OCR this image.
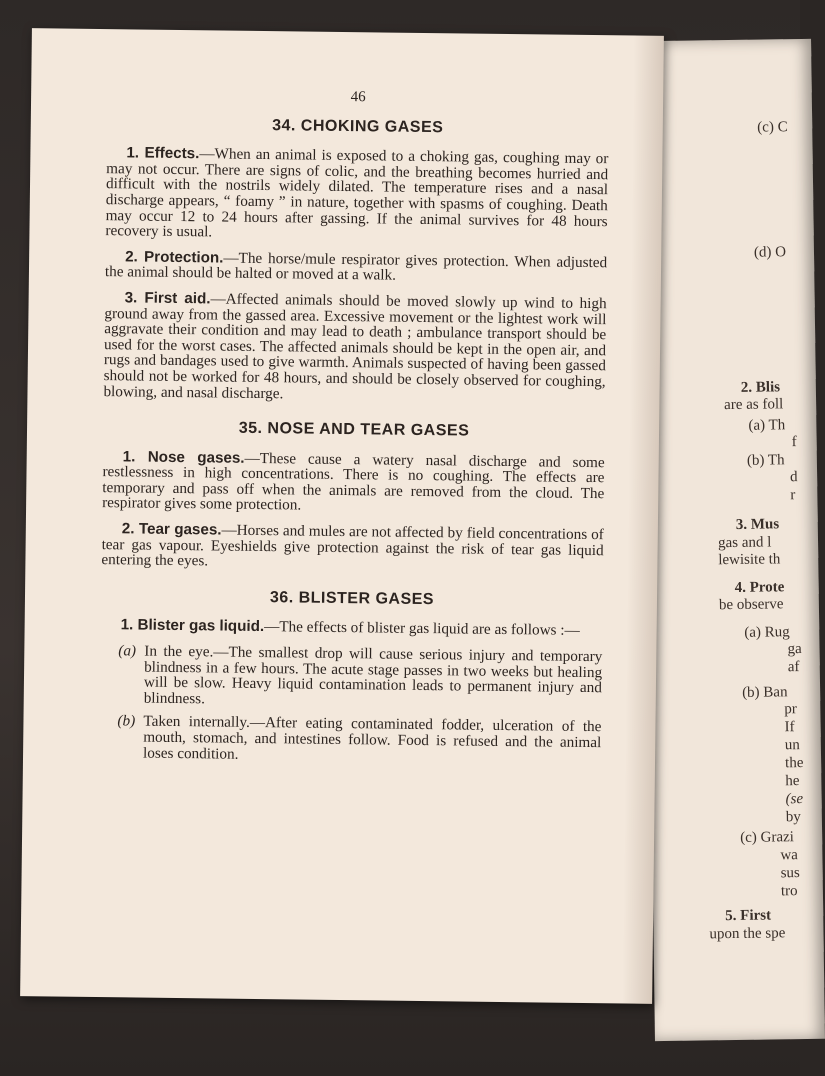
(c) C
(d) O
2. Blis
are as foll
(a) Th
f
(b) Th
d
r
3. Mus
gas and l
lewisite th
4. Prote
be observe
(a) Rug
ga
af
(b) Ban
pr
If
un
the
he
(se
by
(c) Grazi
wa
sus
tro
5. First
upon the spe
46
34. CHOKING GASES

1. Effects.—When an animal is exposed to a choking gas, coughing may or may not occur. There are signs of colic, and the breathing becomes hurried and difficult with the nostrils widely dilated. The temperature rises and a nasal discharge appears, “ foamy ” in nature, together with spasms of coughing. Death may occur 12 to 24 hours after gassing. If the animal survives for 48 hours recovery is usual.

2. Protection.—The horse/mule respirator gives protection. When adjusted the animal should be halted or moved at a walk.

3. First aid.—Affected animals should be moved slowly up wind to high ground away from the gassed area. Excessive movement or the lightest work will aggravate their condition and may lead to death ; ambulance transport should be used for the worst cases. The affected animals should be kept in the open air, and rugs and bandages used to give warmth. Animals suspected of having been gassed should not be worked for 48 hours, and should be closely observed for coughing, blowing, and nasal discharge.

35. NOSE AND TEAR GASES

1. Nose gases.—These cause a watery nasal discharge and some restlessness in high concentrations. There is no coughing. The effects are temporary and pass off when the animals are removed from the cloud. The respirator gives some protection.

2. Tear gases.—Horses and mules are not affected by field concentrations of tear gas vapour. Eyeshields give protection against the risk of tear gas liquid entering the eyes.

36. BLISTER GASES

1. Blister gas liquid.—The effects of blister gas liquid are as follows :—

(a) In the eye.—The smallest drop will cause serious injury and temporary blindness in a few hours. The acute stage passes in two weeks but healing will be slow. Heavy liquid contamination leads to permanent injury and blindness.
(b) Taken internally.—After eating contaminated fodder, ulceration of the mouth, stomach, and intestines follow. Food is refused and the animal loses condition.
